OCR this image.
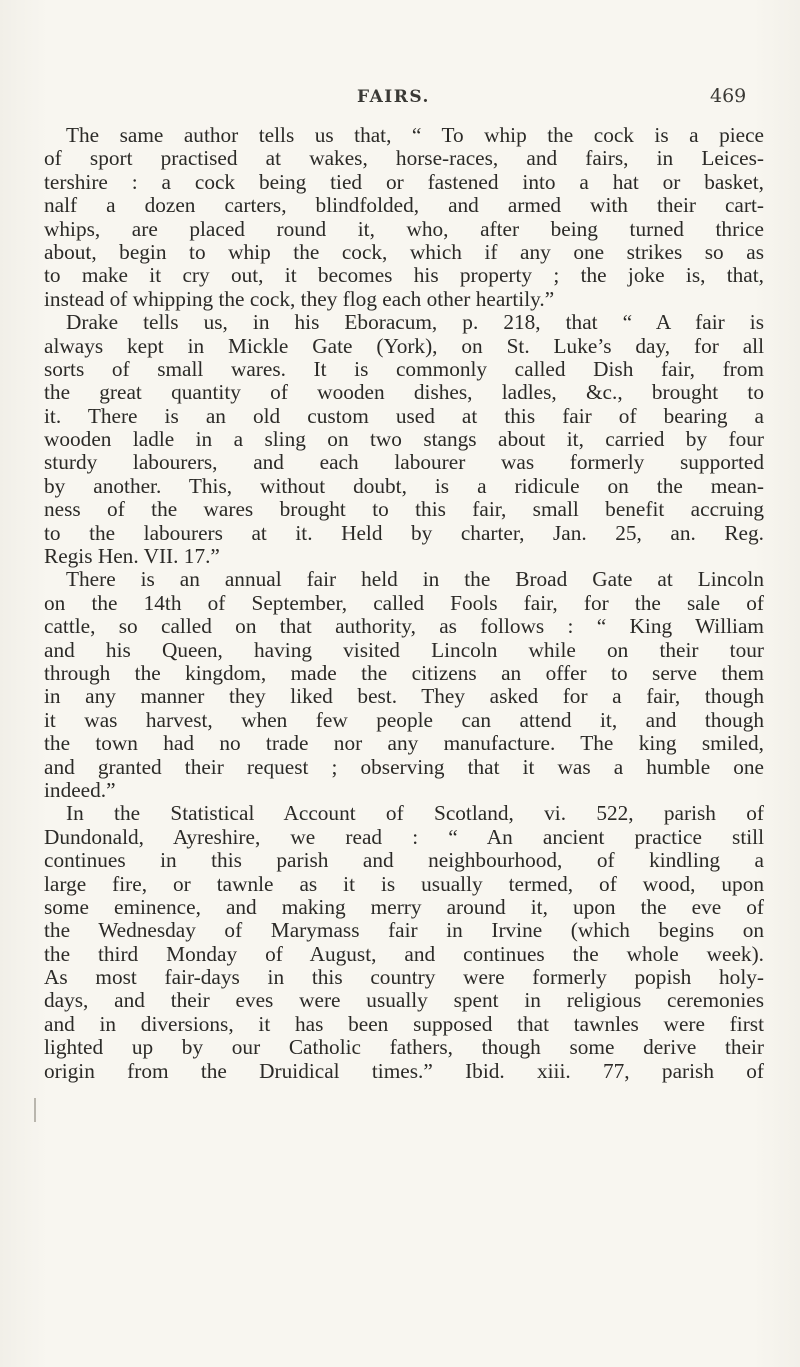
FAIRS.	469
The same author tells us that, “ To whip the cock is a piece
of sport practised at wakes, horse-races, and fairs, in Leices-
tershire : a cock being tied or fastened into a hat or basket,
nalf a dozen carters, blindfolded, and armed with their cart-
whips, are placed round it, who, after being turned thrice
about, begin to whip the cock, which if any one strikes so as
to make it cry out, it becomes his property ; the joke is, that,
instead of whipping the cock, they flog each other heartily.”
Drake tells us, in his Eboracum, p. 218, that “ A fair is
always kept in Mickle Gate (York), on St. Luke’s day, for all
sorts of small wares. It is commonly called Dish fair, from
the great quantity of wooden dishes, ladles, &c., brought to
it. There is an old custom used at this fair of bearing a
wooden ladle in a sling on two stangs about it, carried by four
sturdy labourers, and each labourer was formerly supported
by another. This, without doubt, is a ridicule on the mean-
ness of the wares brought to this fair, small benefit accruing
to the labourers at it. Held by charter, Jan. 25, an. Reg.
Regis Hen. VII. 17.”
There is an annual fair held in the Broad Gate at Lincoln
on the 14th of September, called Fools fair, for the sale of
cattle, so called on that authority, as follows : “ King William
and his Queen, having visited Lincoln while on their tour
through the kingdom, made the citizens an offer to serve them
in any manner they liked best. They asked for a fair, though
it was harvest, when few people can attend it, and though
the town had no trade nor any manufacture. The king smiled,
and granted their request ; observing that it was a humble one
indeed.”
In the Statistical Account of Scotland, vi. 522, parish of
Dundonald, Ayreshire, we read : “ An ancient practice still
continues in this parish and neighbourhood, of kindling a
large fire, or tawnle as it is usually termed, of wood, upon
some eminence, and making merry around it, upon the eve of
the Wednesday of Marymass fair in Irvine (which begins on
the third Monday of August, and continues the whole week).
As most fair-days in this country were formerly popish holy-
days, and their eves were usually spent in religious ceremonies
and in diversions, it has been supposed that tawnles were first
lighted up by our Catholic fathers, though some derive their
origin from the Druidical times.” Ibid. xiii. 77, parish of
